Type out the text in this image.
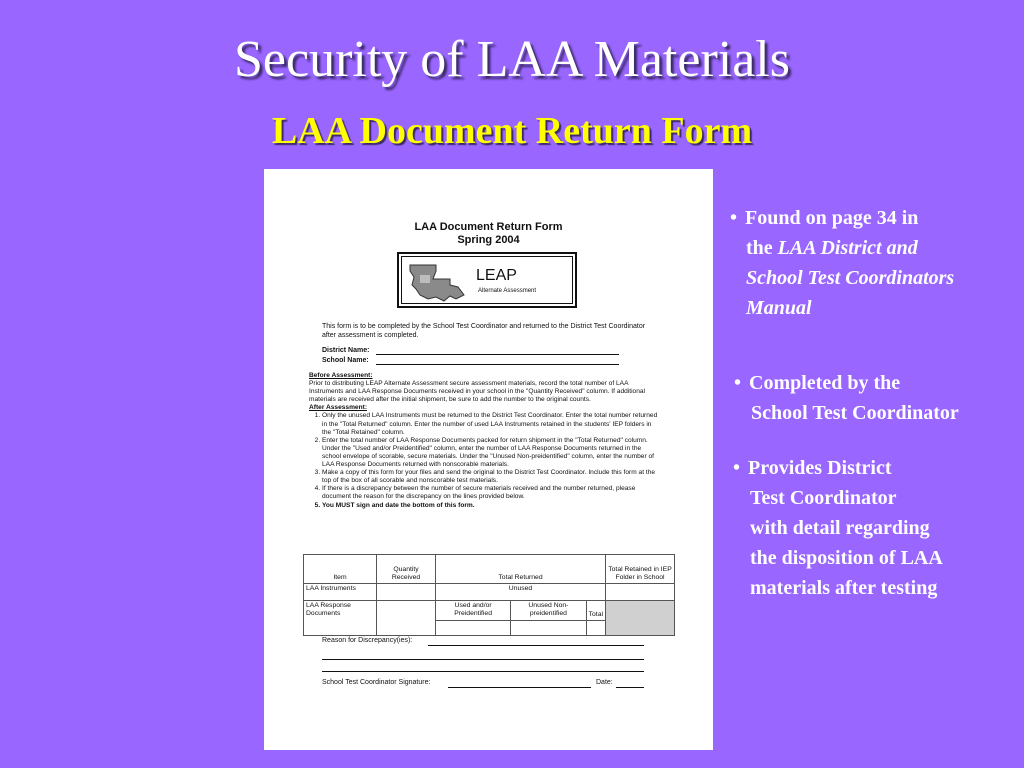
Security of LAA Materials
LAA Document Return Form
LAA Document Return Form
Spring 2004
LEAP
Alternate Assessment
This form is to be completed by the School Test Coordinator and returned to the District Test Coordinator after assessment is completed.
District Name:
School Name:
Before Assessment:
Prior to distributing LEAP Alternate Assessment secure assessment materials, record the total number of LAA Instruments and LAA Response Documents received in your school in the "Quantity Received" column. If additional materials are received after the initial shipment, be sure to add the number to the original counts.
After Assessment:
1. Only the unused LAA Instruments must be returned to the District Test Coordinator. Enter the total number returned in the "Total Returned" column. Enter the number of used LAA Instruments retained in the students' IEP folders in the "Total Retained" column.
2. Enter the total number of LAA Response Documents packed for return shipment in the "Total Returned" column. Under the "Used and/or Preidentified" column, enter the number of LAA Response Documents returned in the school envelope of scorable, secure materials. Under the "Unused Non-preidentified" column, enter the number of LAA Response Documents returned with nonscorable materials.
3. Make a copy of this form for your files and send the original to the District Test Coordinator. Include this form at the top of the box of all scorable and nonscorable test materials.
4. If there is a discrepancy between the number of secure materials received and the number returned, please document the reason for the discrepancy on the lines provided below.
5. You MUST sign and date the bottom of this form.
Item	Quantity Received	Total Returned			Total Retained in IEP Folder in School
LAA Instruments		Unused			
LAA Response Documents		Used and/or Preidentified	Unused Non-preidentified	Total	

Reason for Discrepancy(ies):
School Test Coordinator Signature:	Date:
• Found on page 34 in
the LAA District and
School Test Coordinators
Manual
• Completed by the
School Test Coordinator
• Provides District
Test Coordinator
with detail regarding
the disposition of LAA
materials after testing
